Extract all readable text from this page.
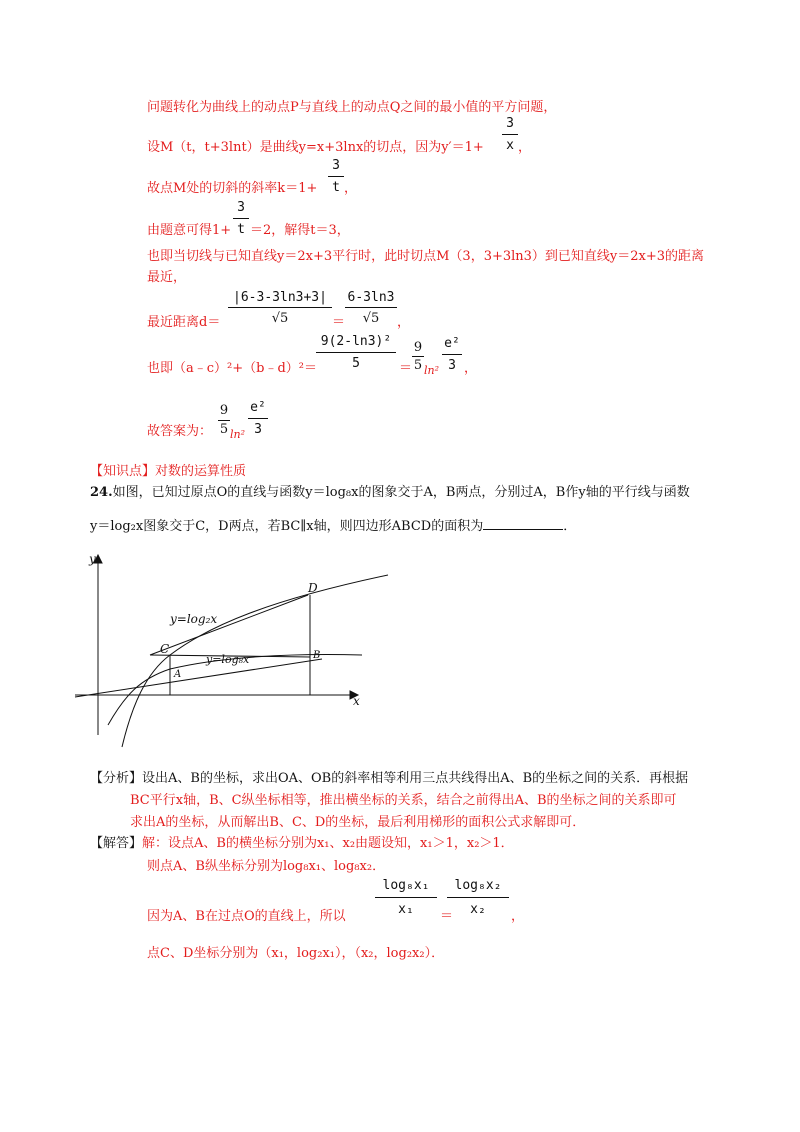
问题转化为曲线上的动点P与直线上的动点Q之间的最小值的平方问题，
设M（t，t+3lnt）是曲线y=x+3lnx的切点，因为y′＝1+
3
x ，
故点M处的切斜的斜率k＝1+
3
t ，
由题意可得1+
3
t ＝2，解得t＝3，
也即当切线与已知直线y＝2x+3平行时，此时切点M（3，3+3ln3）到已知直线y＝2x+3的距离
最近，
最近距离d＝
|6-3-3ln3+3|
√5	＝
6-3ln3
√5	，
也即（a﹣c）²+（b﹣d）²＝
9(2-ln3)²
5	＝
9
5 ln²
e²
3 ，
故答案为：
9
5 ln²
e²
3
【知识点】对数的运算性质
24.如图，已知过原点O的直线与函数y＝log₈x的图象交于A，B两点，分别过A，B作y轴的平行线与函数
y＝log₂x图象交于C，D两点，若BC∥x轴，则四边形ABCD的面积为	．
y
x
C
A
B
D
y=log₂x
y=log₈x
【分析】设出A、B的坐标，求出OA、OB的斜率相等利用三点共线得出A、B的坐标之间的关系．再根据
BC平行x轴，B、C纵坐标相等，推出横坐标的关系，结合之前得出A、B的坐标之间的关系即可
求出A的坐标，从而解出B、C、D的坐标，最后利用梯形的面积公式求解即可．
【解答】解：设点A、B的横坐标分别为x₁、x₂由题设知，x₁＞1，x₂＞1．
则点A、B纵坐标分别为log₈x₁、log₈x₂．
因为A、B在过点O的直线上，所以
log₈x₁
x₁	＝
log₈x₂
x₂	，
点C、D坐标分别为（x₁，log₂x₁），（x₂，log₂x₂）．
